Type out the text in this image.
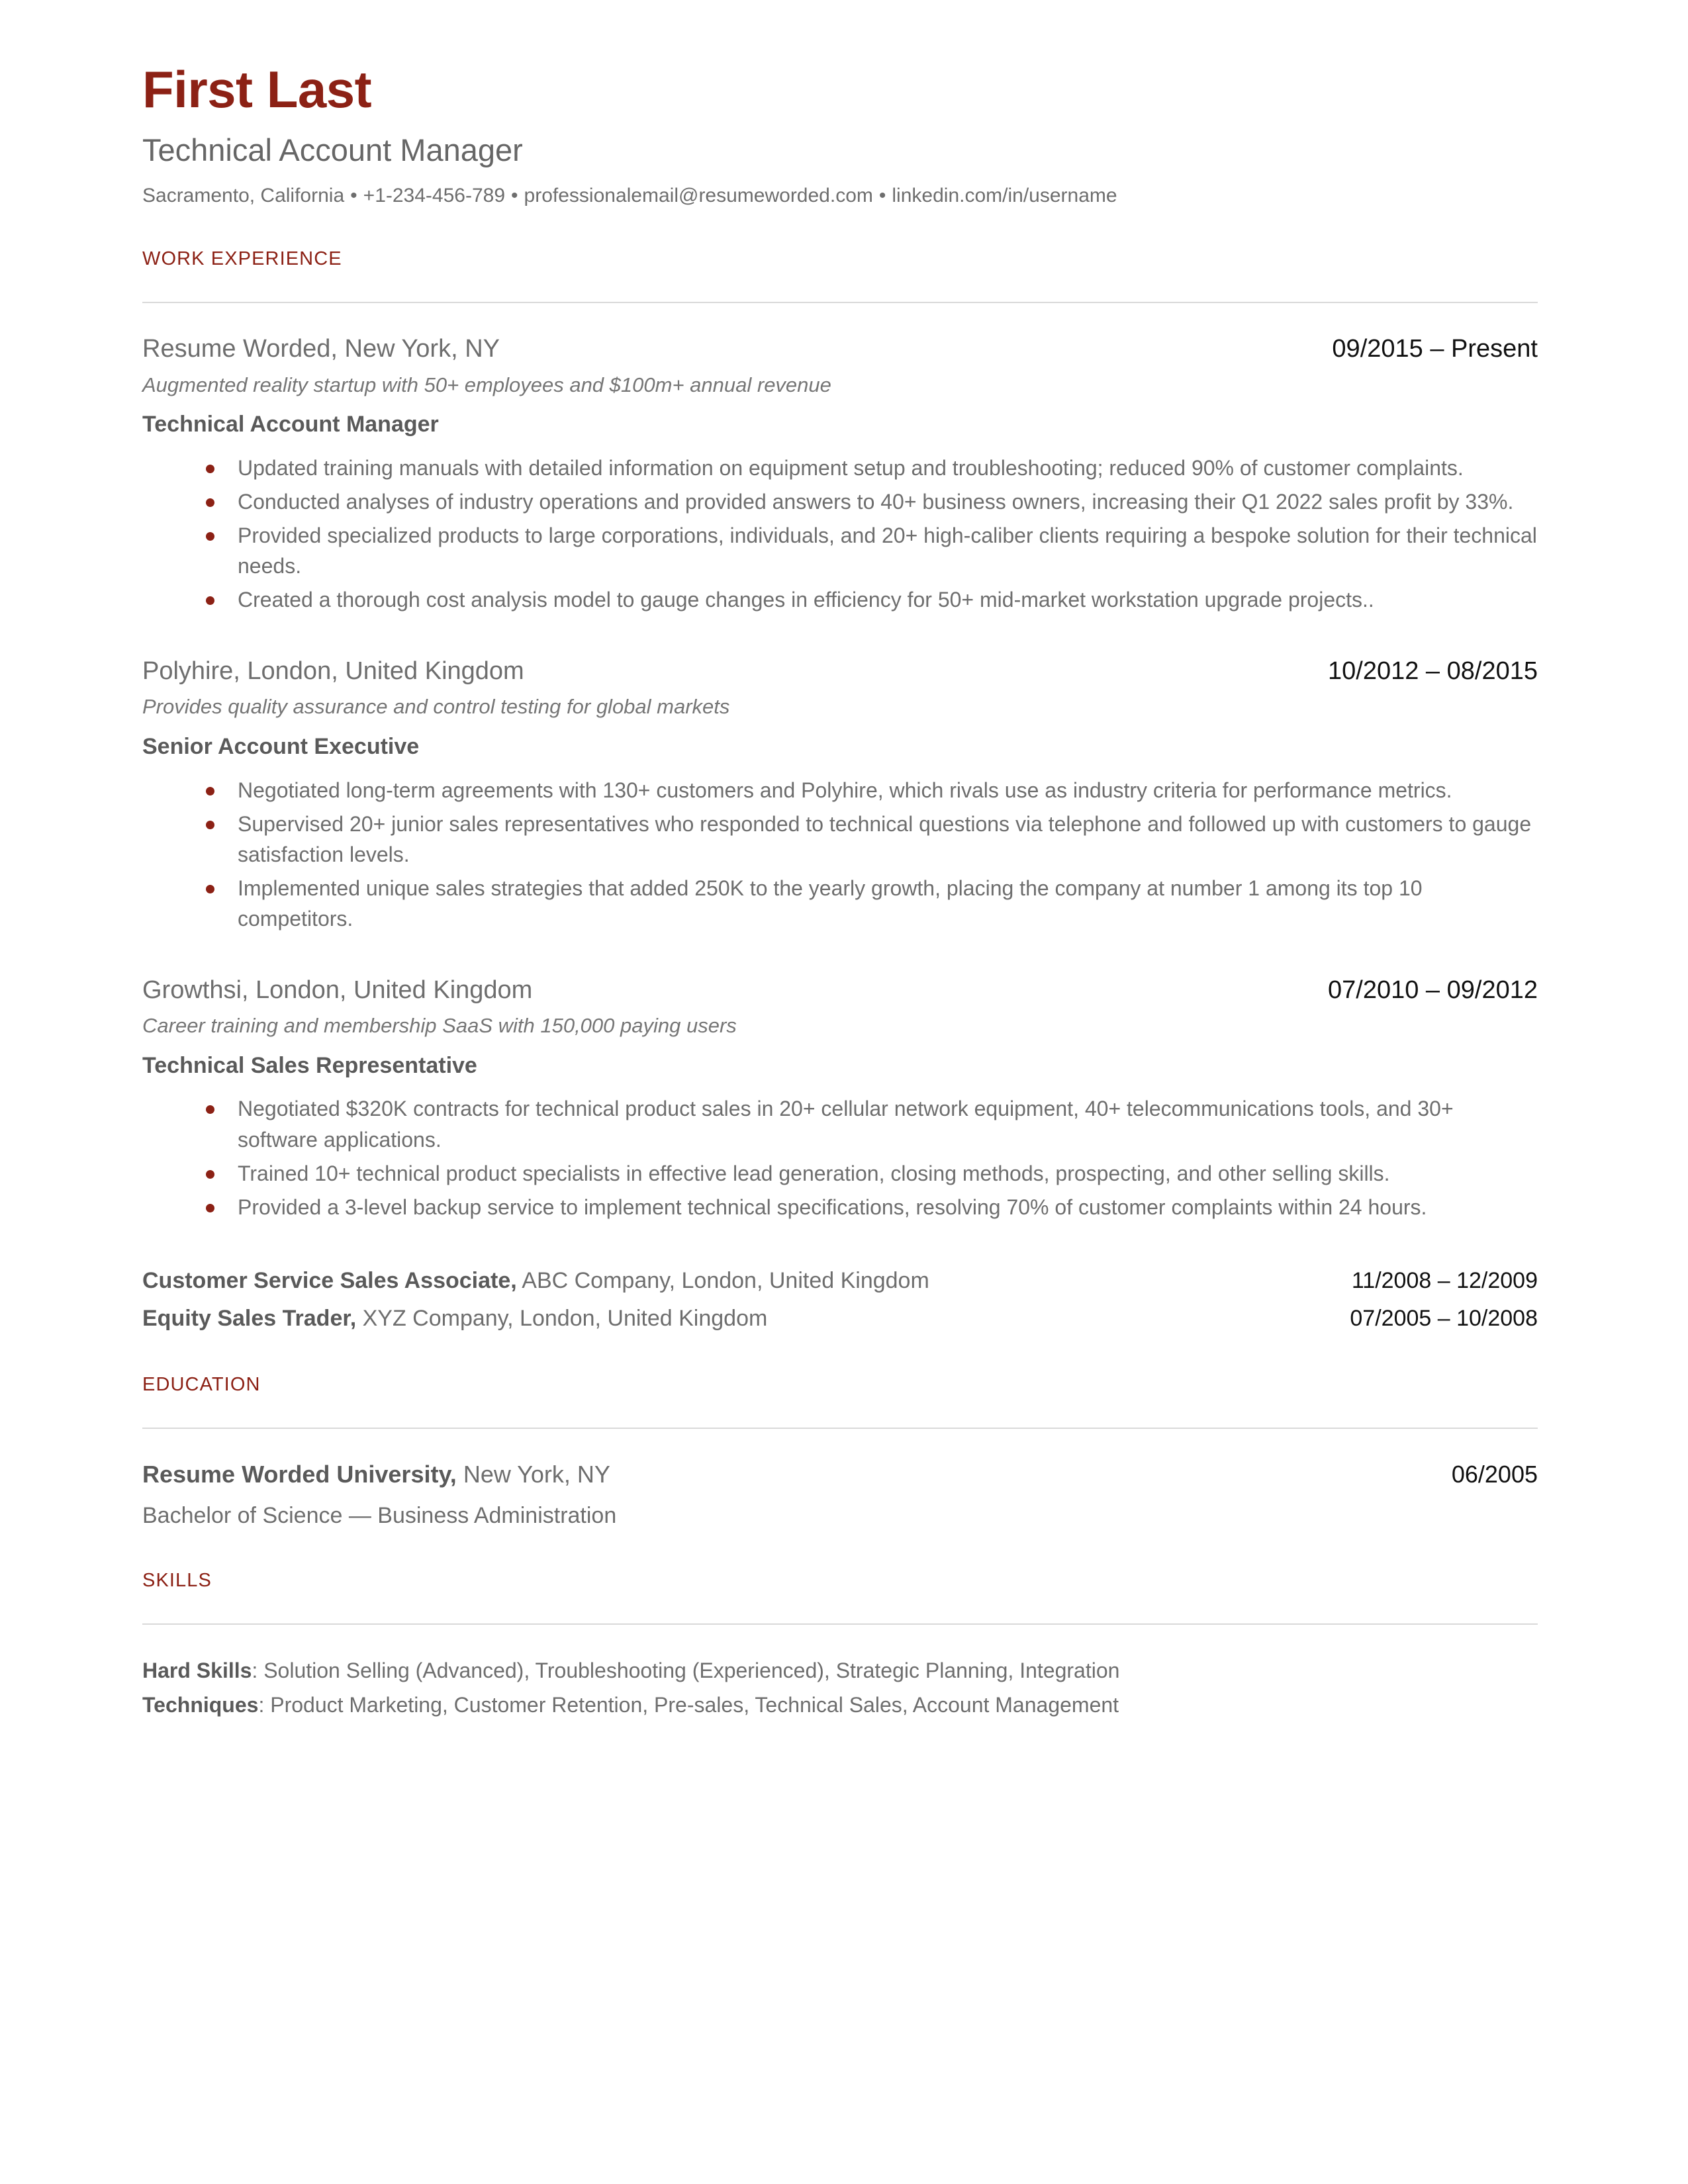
First Last
Technical Account Manager
Sacramento, California • +1-234-456-789 • professionalemail@resumeworded.com • linkedin.com/in/username
WORK EXPERIENCE
Resume Worded, New York, NY	09/2015 – Present
Augmented reality startup with 50+ employees and $100m+ annual revenue
Technical Account Manager
Updated training manuals with detailed information on equipment setup and troubleshooting; reduced 90% of customer complaints.
Conducted analyses of industry operations and provided answers to 40+ business owners, increasing their Q1 2022 sales profit by 33%.
Provided specialized products to large corporations, individuals, and 20+ high-caliber clients requiring a bespoke solution for their technical needs.
Created a thorough cost analysis model to gauge changes in efficiency for 50+ mid-market workstation upgrade projects..
Polyhire, London, United Kingdom	10/2012 – 08/2015
Provides quality assurance and control testing for global markets
Senior Account Executive
Negotiated long-term agreements with 130+ customers and Polyhire, which rivals use as industry criteria for performance metrics.
Supervised 20+ junior sales representatives who responded to technical questions via telephone and followed up with customers to gauge satisfaction levels.
Implemented unique sales strategies that added 250K to the yearly growth, placing the company at number 1 among its top 10 competitors.
Growthsi, London, United Kingdom	07/2010 – 09/2012
Career training and membership SaaS with 150,000 paying users
Technical Sales Representative
Negotiated $320K contracts for technical product sales in 20+ cellular network equipment, 40+ telecommunications tools, and 30+ software applications.
Trained 10+ technical product specialists in effective lead generation, closing methods, prospecting, and other selling skills.
Provided a 3-level backup service to implement technical specifications, resolving 70% of customer complaints within 24 hours.
Customer Service Sales Associate, ABC Company, London, United Kingdom	11/2008 – 12/2009
Equity Sales Trader, XYZ Company, London, United Kingdom	07/2005 – 10/2008
EDUCATION
Resume Worded University, New York, NY	06/2005
Bachelor of Science — Business Administration
SKILLS
Hard Skills: Solution Selling (Advanced), Troubleshooting (Experienced), Strategic Planning, Integration
Techniques: Product Marketing, Customer Retention, Pre-sales, Technical Sales, Account Management
